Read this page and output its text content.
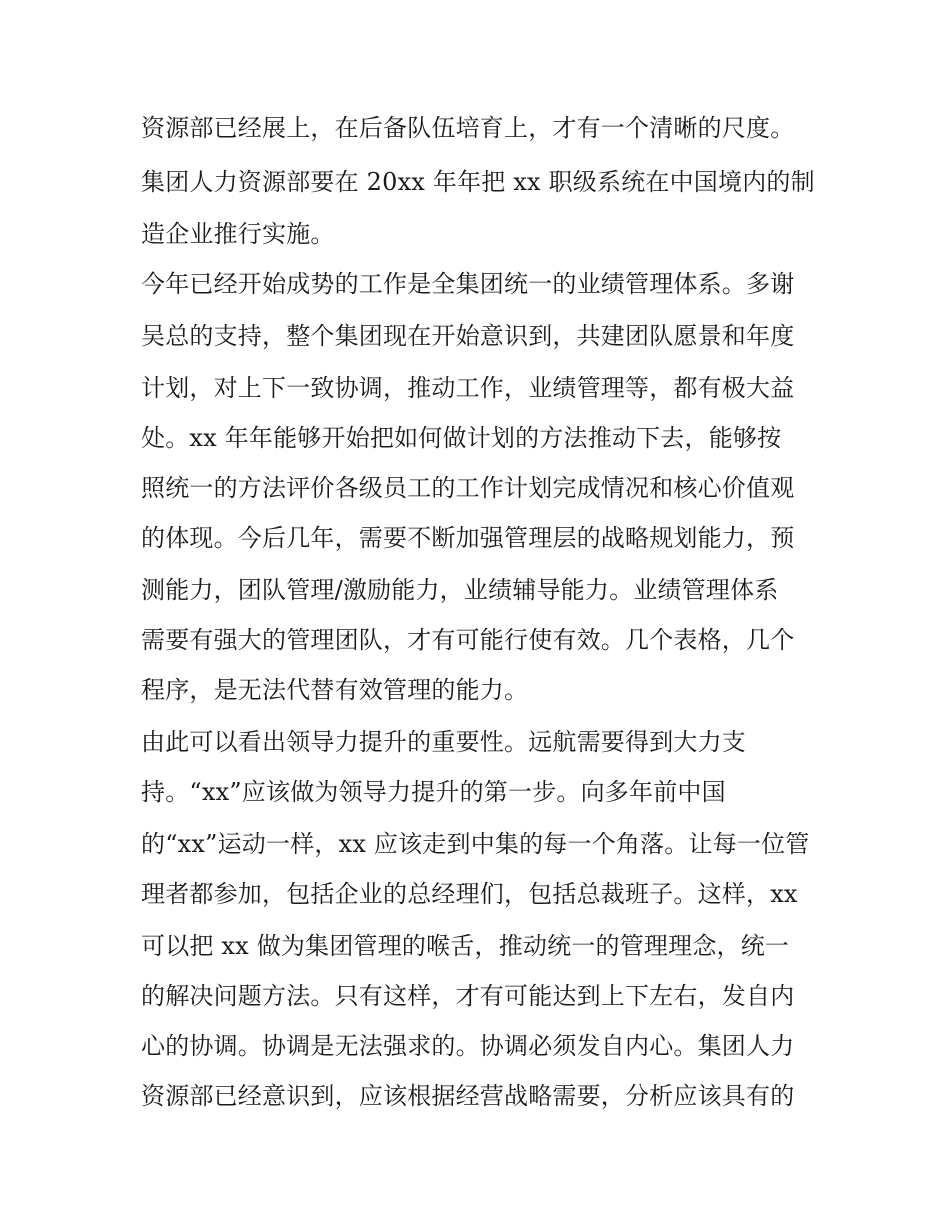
资源部已经展上，在后备队伍培育上，才有一个清晰的尺度。
集团人力资源部要在 20xx 年年把 xx 职级系统在中国境内的制
造企业推行实施。
今年已经开始成势的工作是全集团统一的业绩管理体系。多谢
吴总的支持，整个集团现在开始意识到，共建团队愿景和年度
计划，对上下一致协调，推动工作，业绩管理等，都有极大益
处。xx 年年能够开始把如何做计划的方法推动下去，能够按
照统一的方法评价各级员工的工作计划完成情况和核心价值观
的体现。今后几年，需要不断加强管理层的战略规划能力，预
测能力，团队管理/激励能力，业绩辅导能力。业绩管理体系
需要有强大的管理团队，才有可能行使有效。几个表格，几个
程序，是无法代替有效管理的能力。
由此可以看出领导力提升的重要性。远航需要得到大力支
持。“xx”应该做为领导力提升的第一步。向多年前中国
的“xx”运动一样，xx 应该走到中集的每一个角落。让每一位管
理者都参加，包括企业的总经理们，包括总裁班子。这样，xx
可以把 xx 做为集团管理的喉舌，推动统一的管理理念，统一
的解决问题方法。只有这样，才有可能达到上下左右，发自内
心的协调。协调是无法强求的。协调必须发自内心。集团人力
资源部已经意识到，应该根据经营战略需要，分析应该具有的
